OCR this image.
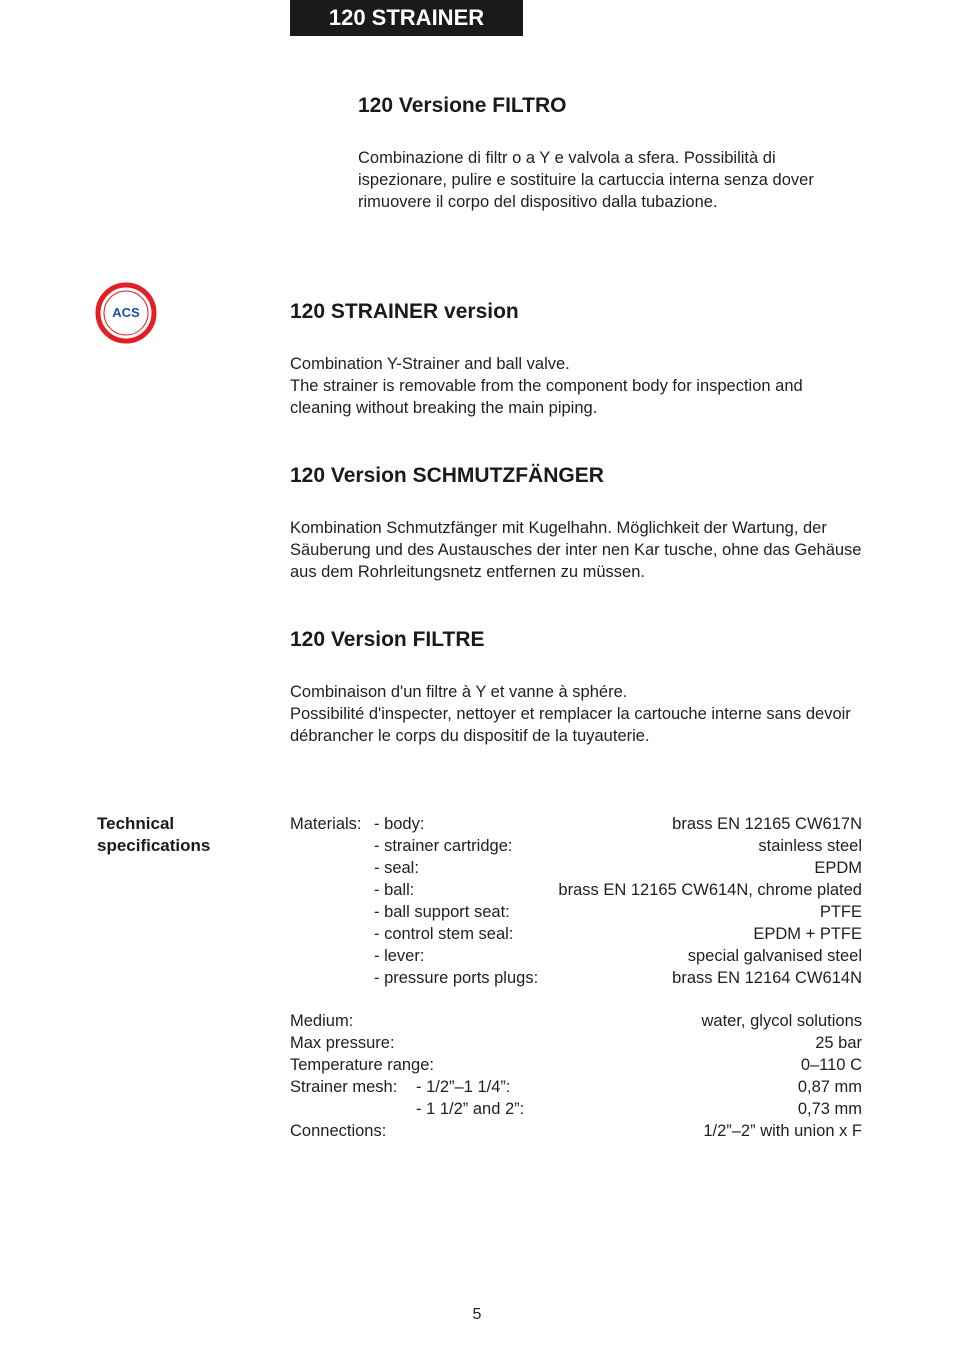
120 STRAINER
120 Versione FILTRO

Combinazione di filtr o a Y e valvola a sfera. Possibilità di ispezionare, pulire e sostituire la cartuccia interna senza dover rimuovere il corpo del dispositivo dalla tubazione.

ACS	120 STRAINER version

Combination Y-Strainer and ball valve.

The strainer is removable from the component body for inspection and cleaning without breaking the main piping.

120 Version SCHMUTZFÄNGER

Kombination Schmutzfänger mit Kugelhahn. Möglichkeit der Wartung, der Säuberung und des Austausches der inter nen Kar tusche, ohne das Gehäuse aus dem Rohrleitungsnetz entfernen zu müssen.

120 Version FILTRE

Combinaison d'un filtre à Y et vanne à sphére.

Possibilité d'inspecter, nettoyer et remplacer la cartouche interne sans devoir débrancher le corps du dispositif de la tuyauterie.

Technical specifications
Materials: - body:	brass EN 12165 CW617N
- strainer cartridge:	stainless steel
- seal:	EPDM
- ball:	brass EN 12165 CW614N, chrome plated
- ball support seat:	PTFE
- control stem seal:	EPDM + PTFE
- lever:	special galvanised steel
- pressure ports plugs:	brass EN 12164 CW614N
Medium:	water, glycol solutions
Max pressure:	25 bar
Temperature range:	0–110 C
Strainer mesh: - 1/2”–1 1/4”:	0,87 mm
- 1 1/2” and 2”:	0,73 mm
Connections:	1/2”–2” with union x F
5
